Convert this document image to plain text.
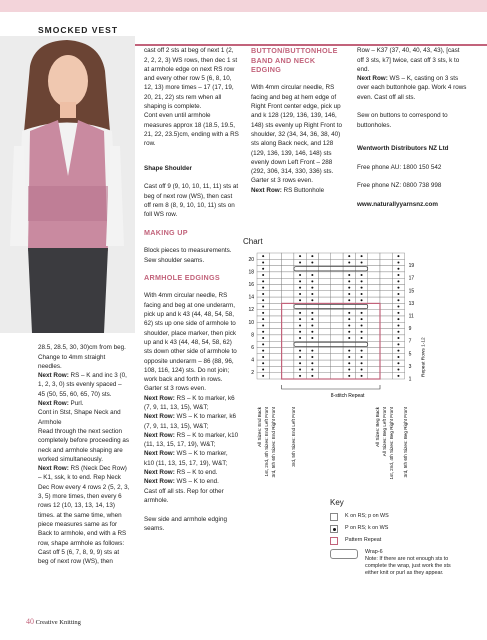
SMOCKED VEST

28.5, 28.5, 30, 30)cm from beg.
Change to 4mm straight needles.
Next Row: RS – K and inc 3 (0, 1, 2, 3, 0) sts evenly spaced – 45 (50, 55, 60, 65, 70) sts.
Next Row: Purl.
Cont in Stst, Shape Neck and Armhole
Read through the next section completely before proceeding as neck and armhole shaping are worked simultaneously.
Next Row: RS (Neck Dec Row) – K1, ssk, k to end. Rep Neck Dec Row every 4 rows 2 (5, 2, 3, 3, 5) more times, then every 6 rows 12 (10, 13, 13, 14, 13) times. at the same time, when piece measures same as for Back to armhole, end with a RS row, shape armhole as follows:
Cast off 5 (6, 7, 8, 9, 9) sts at beg of next row (WS), then

cast off 2 sts at beg of next 1 (2, 2, 2, 2, 3) WS rows, then dec 1 st at armhole edge on next RS row and every other row 5 (6, 8, 10, 12, 13) more times – 17 (17, 19, 20, 21, 22) sts rem when all shaping is complete.
Cont even until armhole measures approx 18 (18.5, 19.5, 21, 22, 23.5)cm, ending with a RS row.

Shape Shoulder

Cast off 9 (9, 10, 10, 11, 11) sts at beg of next row (WS), then cast off rem 8 (8, 9, 10, 10, 11) sts on foll WS row.

MAKING UP

Block pieces to measurements. Sew shoulder seams.

ARMHOLE EDGINGS

With 4mm circular needle, RS facing and beg at one underarm, pick up and k 43 (44, 48, 54, 58, 62) sts up one side of armhole to shoulder, place marker, then pick up and k 43 (44, 48, 54, 58, 62) sts down other side of armhole to opposite underarm – 86 (88, 96, 108, 116, 124) sts. Do not join; work back and forth in rows.
Garter st 3 rows even.

Next Row: RS – K to marker, k6 (7, 9, 11, 13, 15), W&T;
Next Row: WS – K to marker, k6 (7, 9, 11, 13, 15), W&T;
Next Row: RS – K to marker, k10 (11, 13, 15, 17, 19), W&T;
Next Row: WS – K to marker, k10 (11, 13, 15, 17, 19), W&T;
Next Row: RS – K to end.
Next Row: WS – K to end.
Cast off all sts. Rep for other armhole.

Sew side and armhole edging seams.

BUTTON/BUTTONHOLE BAND AND NECK EDGING

With 4mm circular needle, RS facing and beg at hem edge of Right Front center edge, pick up and k 128 (129, 136, 139, 146, 148) sts evenly up Right Front to shoulder, 32 (34, 34, 36, 38, 40) sts along Back neck, and 128 (129, 136, 139, 146, 148) sts evenly down Left Front – 288 (292, 306, 314, 330, 336) sts.
Garter st 3 rows even.

Next Row: RS Buttonhole

Row – K37 (37, 40, 40, 43, 43), [cast off 3 sts, k7] twice, cast off 3 sts, k to end.

Next Row: WS – K, casting on 3 sts over each buttonhole gap. Work 4 rows even. Cast off all sts.

Sew on buttons to correspond to buttonholes.

Wentworth Distributors NZ Ltd

Free phone AU: 1800 150 542

Free phone NZ: 0800 738 998

www.naturallyyarnsnz.com

Chart
20
18
16
14
12
10
8
6
4
2
19
17
15
13
11
9
7
5
3
1
Repeat Rows 1-12
8-stitch Repeat
All Sizes: End Back 1st, 2nd, 4th Sizes: End Left Front 3rd, 5th 6th Sizes: End Right Front	3rd, 5th Sizes: End Left Front	All Sizes: Beg Back All Sizes: Beg Left Front 1st, 2nd, 4th Sizes: Beg Right Front 3rd, 5th 6th Sizes: Beg Right Front
Key
K on RS; p on WS
P on RS; k on WS
Pattern Repeat
Wrap-6
Note: If there are not enough sts to complete the wrap, just work the sts either knit or purl as they appear.
40 Creative Knitting
